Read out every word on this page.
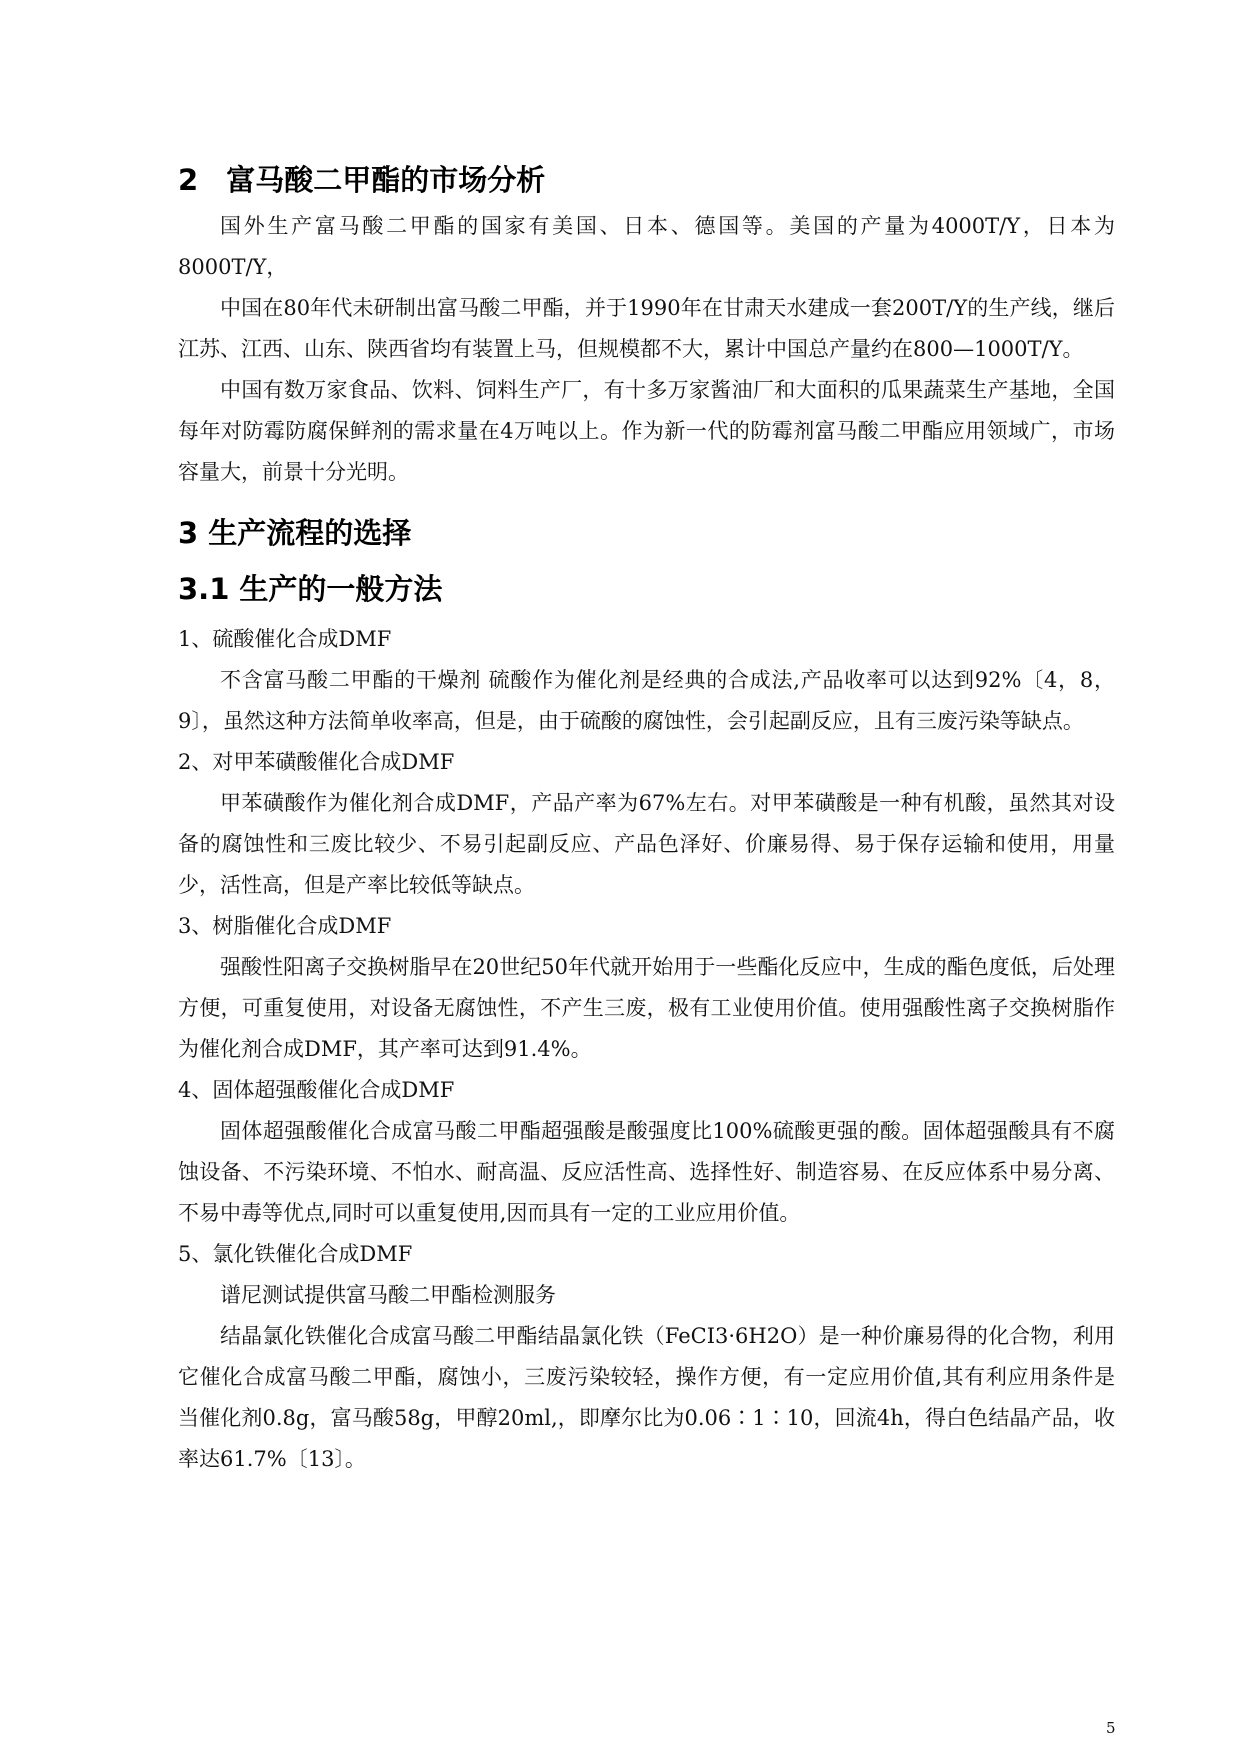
2 富马酸二甲酯的市场分析

国外生产富马酸二甲酯的国家有美国、日本、德国等。美国的产量为4000T/Y，日本为8000T/Y，

中国在80年代未研制出富马酸二甲酯，并于1990年在甘肃天水建成一套200T/Y的生产线，继后江苏、江西、山东、陕西省均有装置上马，但规模都不大，累计中国总产量约在800—1000T/Y。

中国有数万家食品、饮料、饲料生产厂，有十多万家酱油厂和大面积的瓜果蔬菜生产基地，全国每年对防霉防腐保鲜剂的需求量在4万吨以上。作为新一代的防霉剂富马酸二甲酯应用领域广，市场容量大，前景十分光明。

3 生产流程的选择
3.1 生产的一般方法

1、硫酸催化合成DMF

不含富马酸二甲酯的干燥剂 硫酸作为催化剂是经典的合成法,产品收率可以达到92%〔4，8，9〕，虽然这种方法简单收率高，但是，由于硫酸的腐蚀性，会引起副反应，且有三废污染等缺点。

2、对甲苯磺酸催化合成DMF

甲苯磺酸作为催化剂合成DMF，产品产率为67%左右。对甲苯磺酸是一种有机酸，虽然其对设备的腐蚀性和三废比较少、不易引起副反应、产品色泽好、价廉易得、易于保存运输和使用，用量少，活性高，但是产率比较低等缺点。

3、树脂催化合成DMF

强酸性阳离子交换树脂早在20世纪50年代就开始用于一些酯化反应中，生成的酯色度低，后处理方便，可重复使用，对设备无腐蚀性，不产生三废，极有工业使用价值。使用强酸性离子交换树脂作为催化剂合成DMF，其产率可达到91.4%。

4、固体超强酸催化合成DMF

固体超强酸催化合成富马酸二甲酯超强酸是酸强度比100%硫酸更强的酸。固体超强酸具有不腐蚀设备、不污染环境、不怕水、耐高温、反应活性高、选择性好、制造容易、在反应体系中易分离、不易中毒等优点,同时可以重复使用,因而具有一定的工业应用价值。

5、氯化铁催化合成DMF

谱尼测试提供富马酸二甲酯检测服务

结晶氯化铁催化合成富马酸二甲酯结晶氯化铁（FeCI3·6H2O）是一种价廉易得的化合物，利用它催化合成富马酸二甲酯，腐蚀小，三废污染较轻，操作方便，有一定应用价值,其有利应用条件是 当催化剂0.8g，富马酸58g，甲醇20ml,，即摩尔比为0.06∶1∶10，回流4h，得白色结晶产品，收率达61.7%〔13〕。

5
